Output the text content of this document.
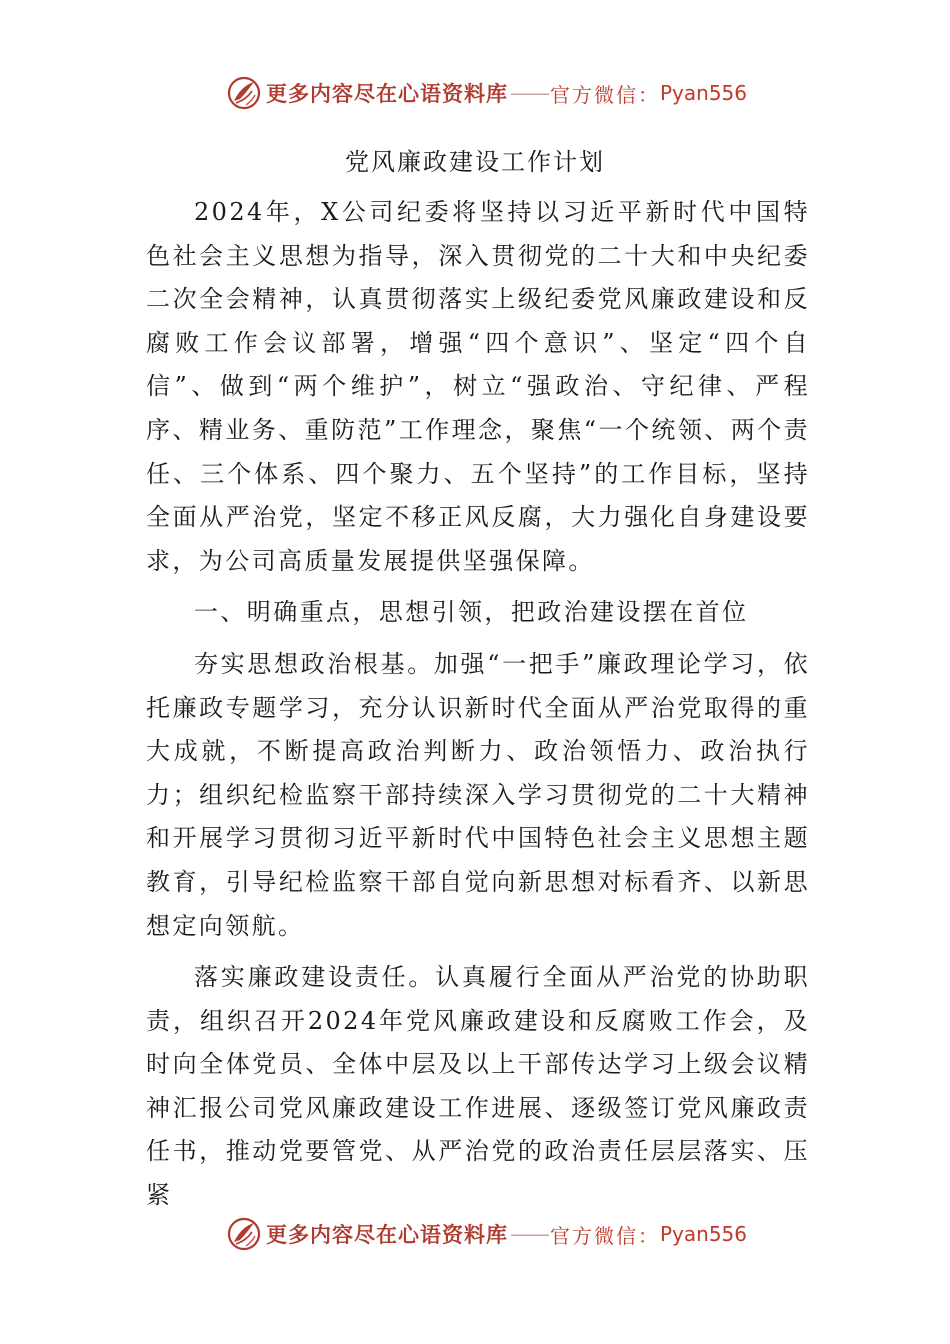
更多内容尽在心语资料库 —— 官方微信： Pyan556
党风廉政建设工作计划

2024年，X公司纪委将坚持以习近平新时代中国特色社会主义思想为指导，深入贯彻党的二十大和中央纪委二次全会精神，认真贯彻落实上级纪委党风廉政建设和反腐败工作会议部署，增强“四个意识”、坚定“四个自信”、做到“两个维护”，树立“强政治、守纪律、严程序、精业务、重防范”工作理念，聚焦“一个统领、两个责任、三个体系、四个聚力、五个坚持”的工作目标，坚持全面从严治党，坚定不移正风反腐，大力强化自身建设要求，为公司高质量发展提供坚强保障。

一、明确重点，思想引领，把政治建设摆在首位

夯实思想政治根基。加强“一把手”廉政理论学习，依托廉政专题学习，充分认识新时代全面从严治党取得的重大成就，不断提高政治判断力、政治领悟力、政治执行力；组织纪检监察干部持续深入学习贯彻党的二十大精神和开展学习贯彻习近平新时代中国特色社会主义思想主题教育，引导纪检监察干部自觉向新思想对标看齐、以新思想定向领航。

落实廉政建设责任。认真履行全面从严治党的协助职责，组织召开2024年党风廉政建设和反腐败工作会，及时向全体党员、全体中层及以上干部传达学习上级会议精神汇报公司党风廉政建设工作进展、逐级签订党风廉政责任书，推动党要管党、从严治党的政治责任层层落实、压紧

更多内容尽在心语资料库 —— 官方微信： Pyan556
